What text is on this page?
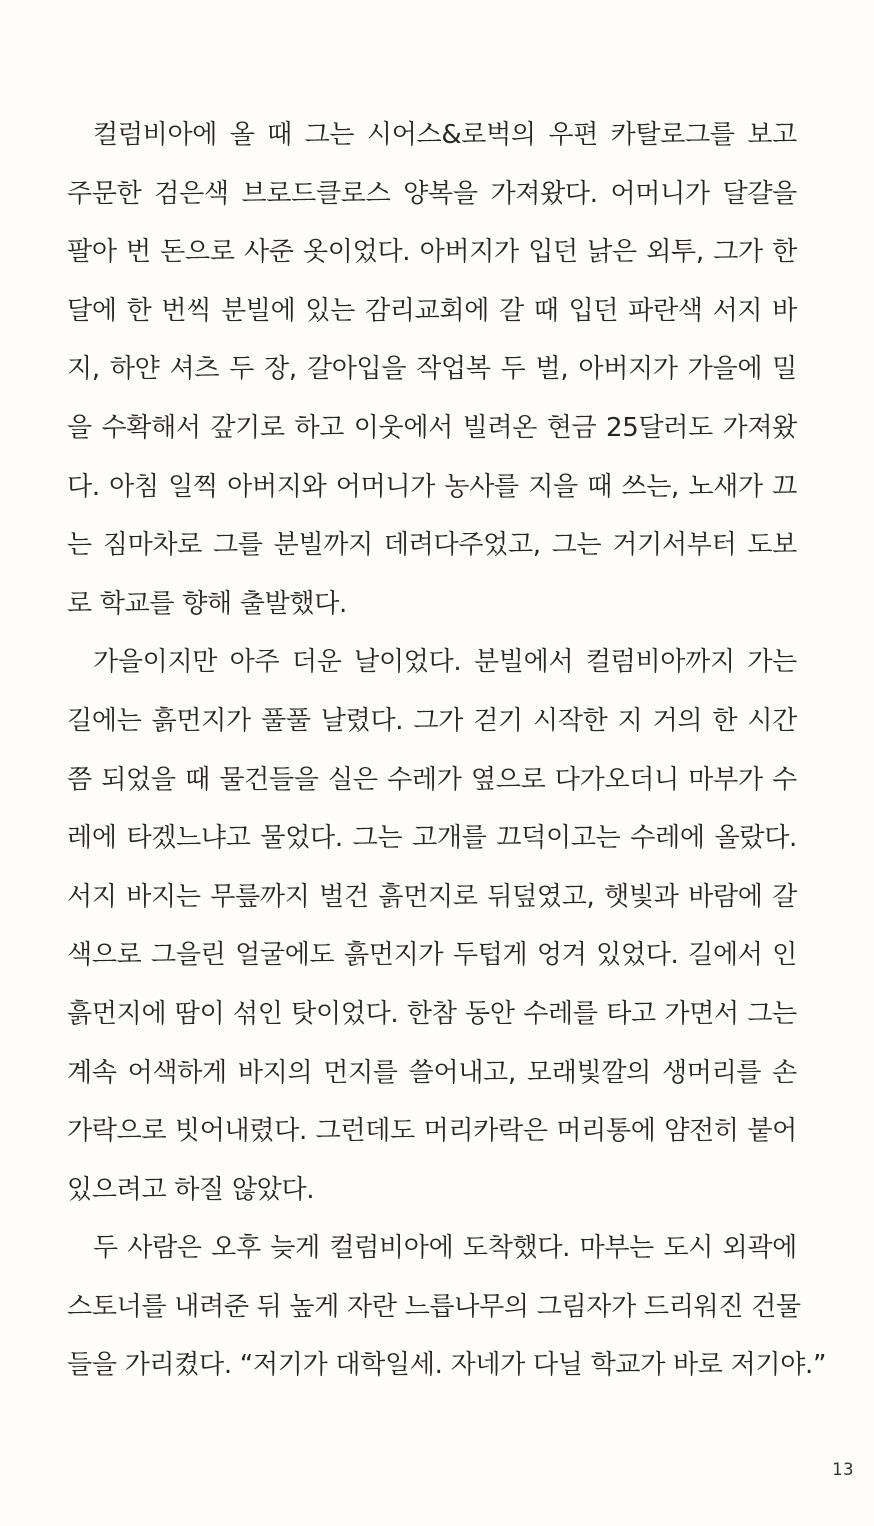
컬럼비아에 올 때 그는 시어스&로벅의 우편 카탈로그를 보고
주문한 검은색 브로드클로스 양복을 가져왔다. 어머니가 달걀을
팔아 번 돈으로 사준 옷이었다. 아버지가 입던 낡은 외투, 그가 한
달에 한 번씩 분빌에 있는 감리교회에 갈 때 입던 파란색 서지 바
지, 하얀 셔츠 두 장, 갈아입을 작업복 두 벌, 아버지가 가을에 밀
을 수확해서 갚기로 하고 이웃에서 빌려온 현금 25달러도 가져왔
다. 아침 일찍 아버지와 어머니가 농사를 지을 때 쓰는, 노새가 끄
는 짐마차로 그를 분빌까지 데려다주었고, 그는 거기서부터 도보
로 학교를 향해 출발했다.
가을이지만 아주 더운 날이었다. 분빌에서 컬럼비아까지 가는
길에는 흙먼지가 풀풀 날렸다. 그가 걷기 시작한 지 거의 한 시간
쯤 되었을 때 물건들을 실은 수레가 옆으로 다가오더니 마부가 수
레에 타겠느냐고 물었다. 그는 고개를 끄덕이고는 수레에 올랐다.
서지 바지는 무릎까지 벌건 흙먼지로 뒤덮였고, 햇빛과 바람에 갈
색으로 그을린 얼굴에도 흙먼지가 두텁게 엉겨 있었다. 길에서 인
흙먼지에 땀이 섞인 탓이었다. 한참 동안 수레를 타고 가면서 그는
계속 어색하게 바지의 먼지를 쓸어내고, 모래빛깔의 생머리를 손
가락으로 빗어내렸다. 그런데도 머리카락은 머리통에 얌전히 붙어
있으려고 하질 않았다.
두 사람은 오후 늦게 컬럼비아에 도착했다. 마부는 도시 외곽에
스토너를 내려준 뒤 높게 자란 느릅나무의 그림자가 드리워진 건물
들을 가리켰다. “저기가 대학일세. 자네가 다닐 학교가 바로 저기야.”
13
